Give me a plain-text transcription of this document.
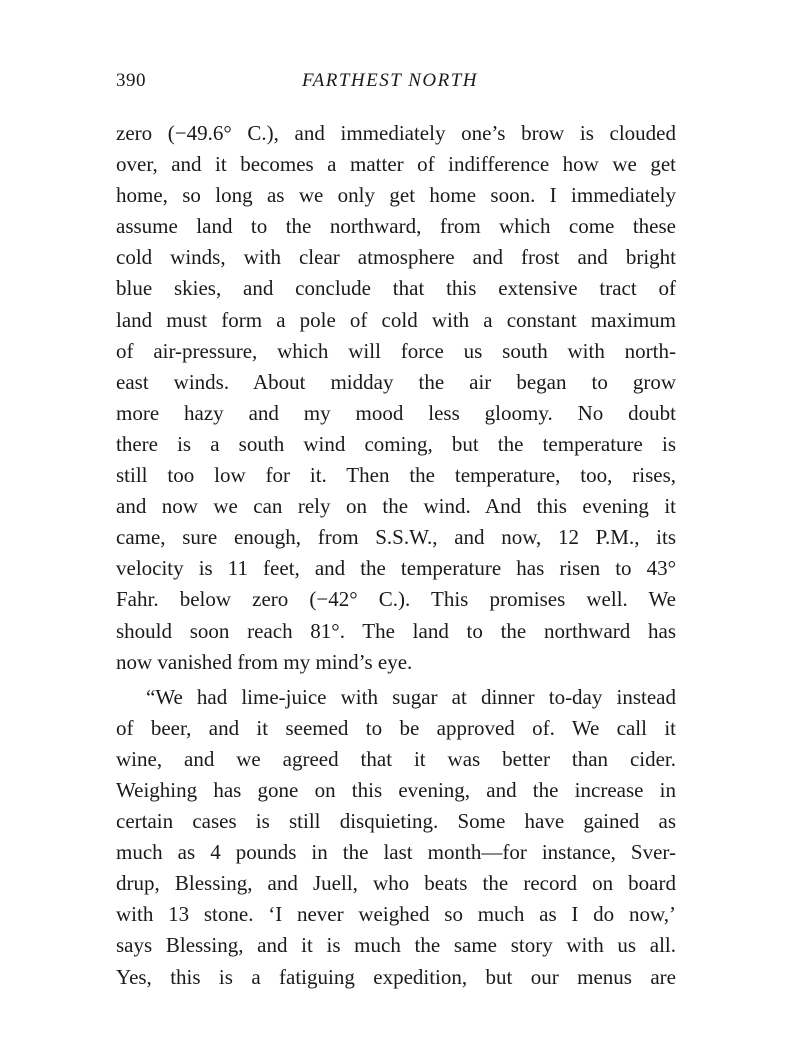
390	FARTHEST NORTH
zero (−49.6° C.), and immediately one’s brow is clouded
over, and it becomes a matter of indifference how we get
home, so long as we only get home soon. I immediately
assume land to the northward, from which come these
cold winds, with clear atmosphere and frost and bright
blue skies, and conclude that this extensive tract of
land must form a pole of cold with a constant maximum
of air-pressure, which will force us south with north-
east winds. About midday the air began to grow
more hazy and my mood less gloomy. No doubt
there is a south wind coming, but the temperature is
still too low for it. Then the temperature, too, rises,
and now we can rely on the wind. And this evening it
came, sure enough, from S.S.W., and now, 12 P.M., its
velocity is 11 feet, and the temperature has risen to 43°
Fahr. below zero (−42° C.). This promises well. We
should soon reach 81°. The land to the northward has
now vanished from my mind’s eye.
“We had lime-juice with sugar at dinner to-day instead
of beer, and it seemed to be approved of. We call it
wine, and we agreed that it was better than cider.
Weighing has gone on this evening, and the increase in
certain cases is still disquieting. Some have gained as
much as 4 pounds in the last month—for instance, Sver-
drup, Blessing, and Juell, who beats the record on board
with 13 stone. ‘I never weighed so much as I do now,’
says Blessing, and it is much the same story with us all.
Yes, this is a fatiguing expedition, but our menus are
